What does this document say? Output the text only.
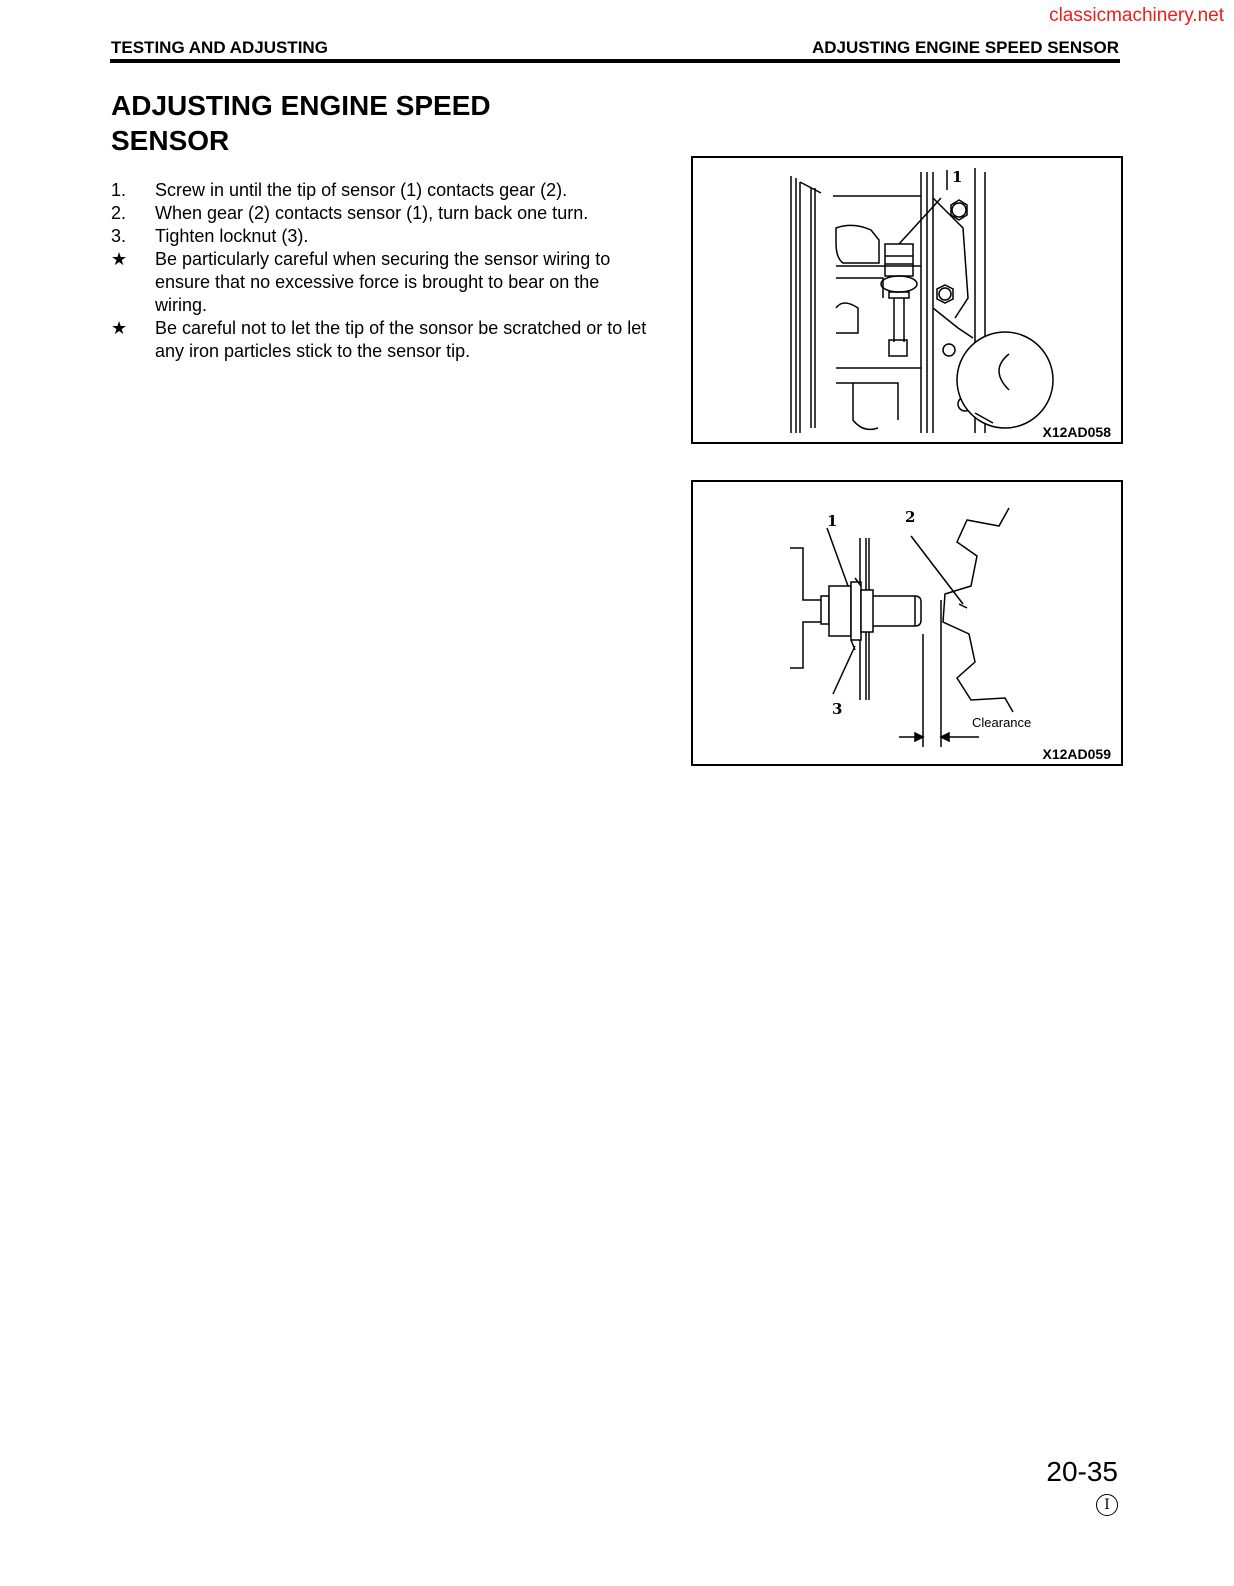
classicmachinery.net
TESTING AND ADJUSTING	ADJUSTING ENGINE SPEED SENSOR
ADJUSTING ENGINE SPEED
SENSOR
1.	Screw in until the tip of sensor (1) contacts gear (2).
2.	When gear (2) contacts sensor (1), turn back one turn.
3.	Tighten locknut (3).
★	Be particularly careful when securing the sensor wiring to ensure that no excessive force is brought to bear on the wiring.
★	Be careful not to let the tip of the sonsor be scratched or to let any iron particles stick to the sensor tip.
1
X12AD058
1	2
3
Clearance
X12AD059
20-35
I
